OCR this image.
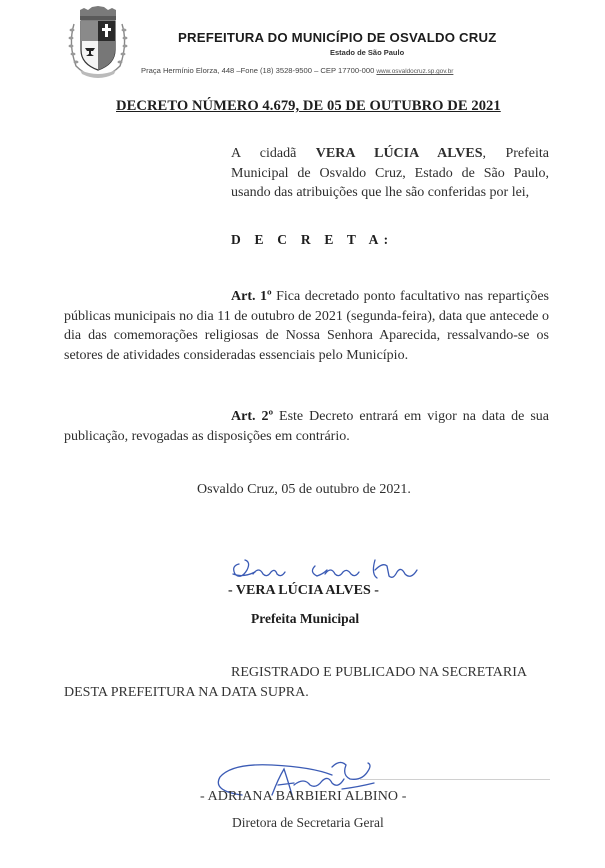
PREFEITURA DO MUNICÍPIO DE OSVALDO CRUZ
Estado de São Paulo
Praça Hermínio Elorza, 448 –Fone (18) 3528-9500 – CEP 17700-000 www.osvaldocruz.sp.gov.br
DECRETO NÚMERO 4.679, DE 05 DE OUTUBRO DE 2021
A cidadã VERA LÚCIA ALVES, Prefeita
Municipal de Osvaldo Cruz, Estado de São Paulo,
usando das atribuições que lhe são conferidas por lei,
D E C R E T A:
Art. 1º Fica decretado ponto facultativo nas repartições públicas municipais no dia 11 de outubro de 2021 (segunda-feira), data que antecede o dia das comemorações religiosas de Nossa Senhora Aparecida, ressalvando-se os setores de atividades consideradas essenciais pelo Município.
Art. 2º Este Decreto entrará em vigor na data de sua publicação, revogadas as disposições em contrário.
Osvaldo Cruz, 05 de outubro de 2021.
- VERA LÚCIA ALVES -
Prefeita Municipal
REGISTRADO E PUBLICADO NA SECRETARIA
DESTA PREFEITURA NA DATA SUPRA.
- ADRIANA BARBIERI ALBINO -
Diretora de Secretaria Geral
